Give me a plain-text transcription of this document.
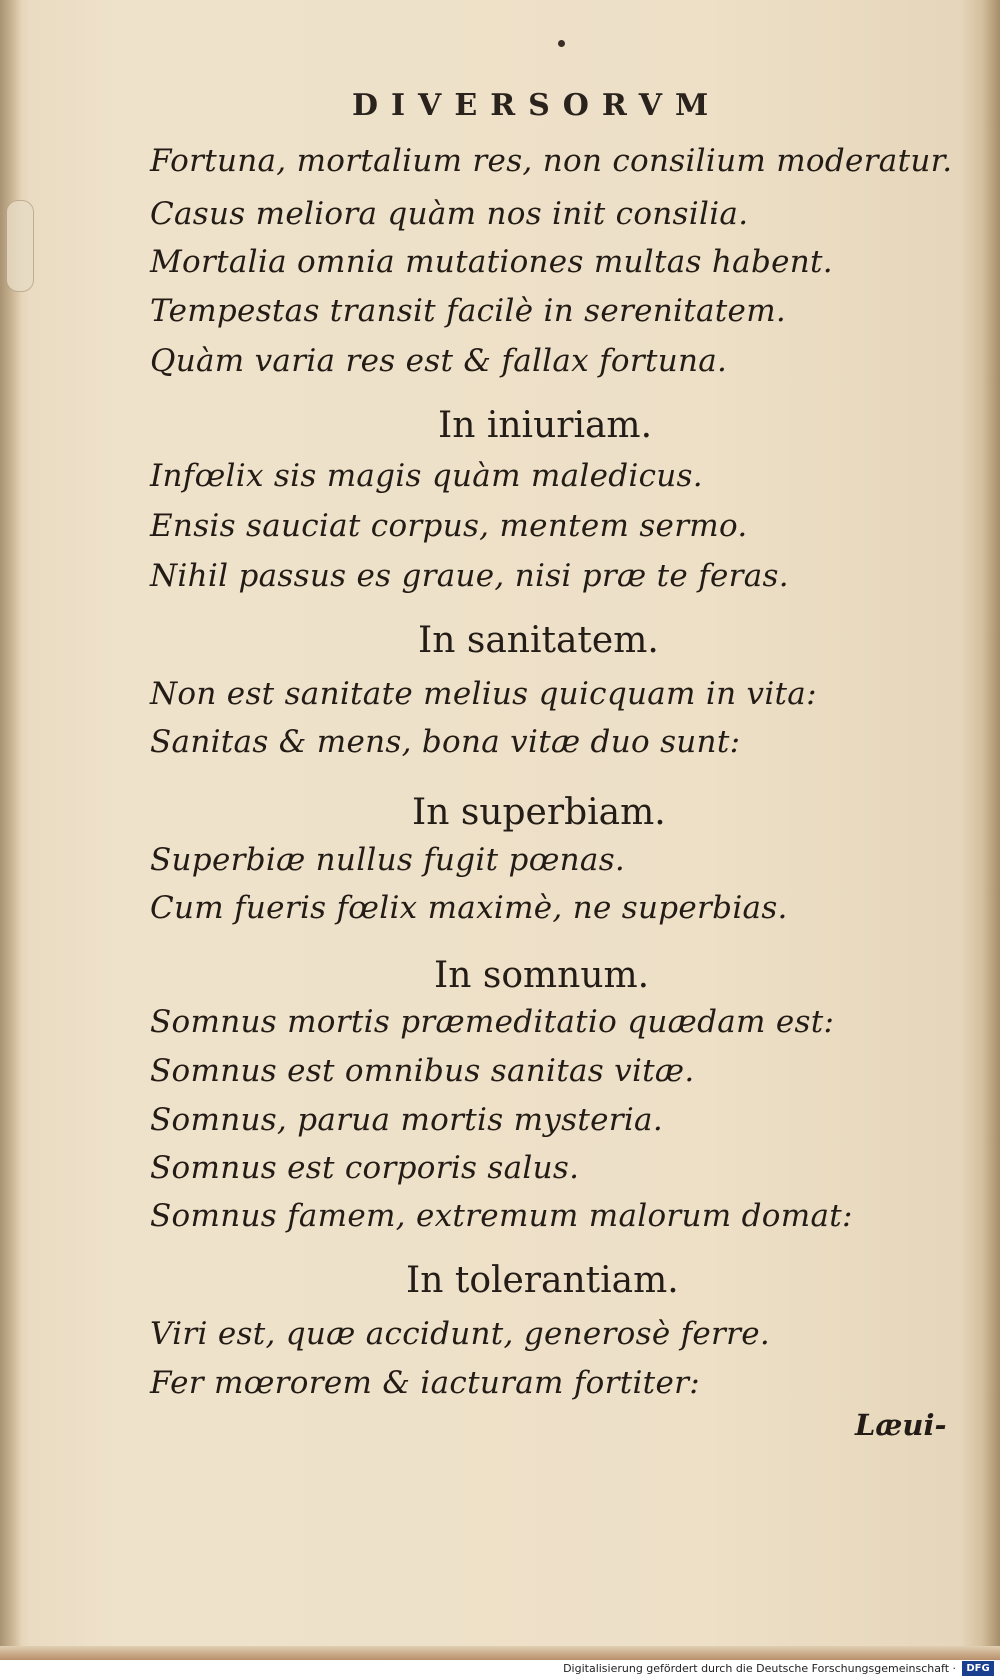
DIVERSORVM
Fortuna, mortalium res, non consilium moderatur.
Casus meliora quàm nos init consilia.
Mortalia omnia mutationes multas habent.
Tempestas transit facilè in serenitatem.
Quàm varia res est & fallax fortuna.
In iniuriam.
Infœlix sis magis quàm maledicus.
Ensis sauciat corpus, mentem sermo.
Nihil passus es graue, nisi præ te feras.
In sanitatem.
Non est sanitate melius quicquam in vita:
Sanitas & mens, bona vitæ duo sunt:
In superbiam.
Superbiæ nullus fugit pœnas.
Cum fueris fœlix maximè, ne superbias.
In somnum.
Somnus mortis præmeditatio quædam est:
Somnus est omnibus sanitas vitæ.
Somnus, parua mortis mysteria.
Somnus est corporis salus.
Somnus famem, extremum malorum domat:
In tolerantiam.
Viri est, quæ accidunt, generosè ferre.
Fer mœrorem & iacturam fortiter:
Læui-
Digitalisierung gefördert durch die Deutsche Forschungsgemeinschaft ·	DFG
